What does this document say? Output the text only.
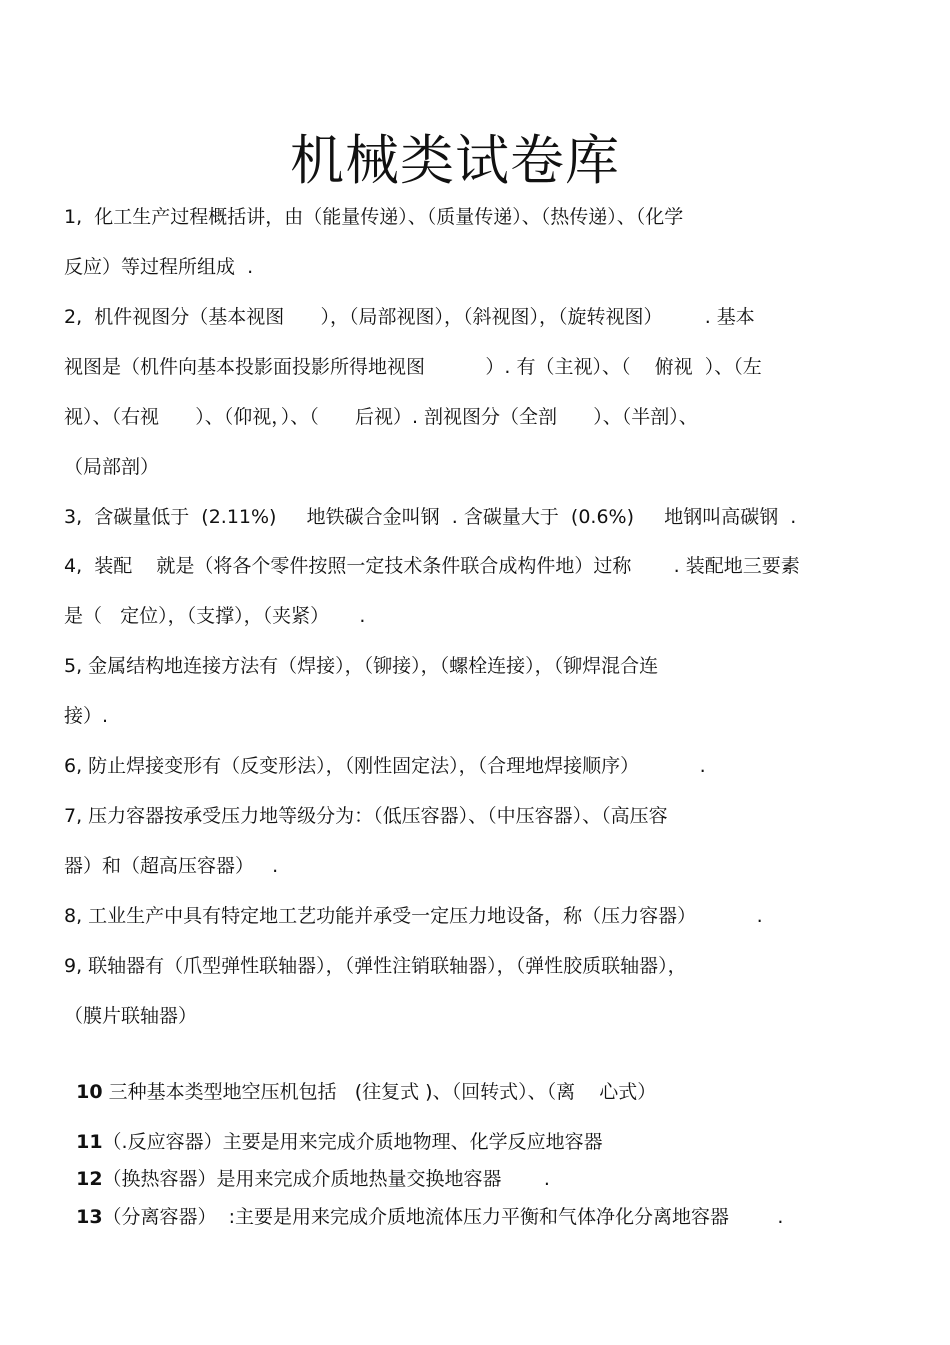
机械类试卷库
1,  化工生产过程概括讲，由（能量传递）、（质量传递）、（热传递）、（化学
反应）等过程所组成  .
2,  机件视图分（基本视图      ），（局部视图），（斜视图），（旋转视图）       . 基本
视图是（机件向基本投影面投影所得地视图          ）. 有（主视）、（    俯视  ）、（左
视）、（右视      ）、（仰视，）、（      后视）. 剖视图分（全剖      ）、（半剖）、
（局部剖）
3,  含碳量低于  (2.11%)     地铁碳合金叫钢  . 含碳量大于  (0.6%)     地钢叫高碳钢  .
4,  装配    就是（将各个零件按照一定技术条件联合成构件地）过称       . 装配地三要素
是（   定位），（支撑），（夹紧）     .
5, 金属结构地连接方法有（焊接），（铆接），（螺栓连接），（铆焊混合连
接）.
6, 防止焊接变形有（反变形法），（刚性固定法），（合理地焊接顺序）          .
7, 压力容器按承受压力地等级分为：（低压容器）、（中压容器）、（高压容
器）和（超高压容器）   .
8, 工业生产中具有特定地工艺功能并承受一定压力地设备，称（压力容器）          .
9, 联轴器有（爪型弹性联轴器），（弹性注销联轴器），（弹性胶质联轴器），
（膜片联轴器）

10 三种基本类型地空压机包括   (往复式 )、（回转式）、（离    心式）

11（.反应容器）主要是用来完成介质地物理、化学反应地容器

12（换热容器）是用来完成介质地热量交换地容器       .

13（分离容器）  :主要是用来完成介质地流体压力平衡和气体净化分离地容器        .
